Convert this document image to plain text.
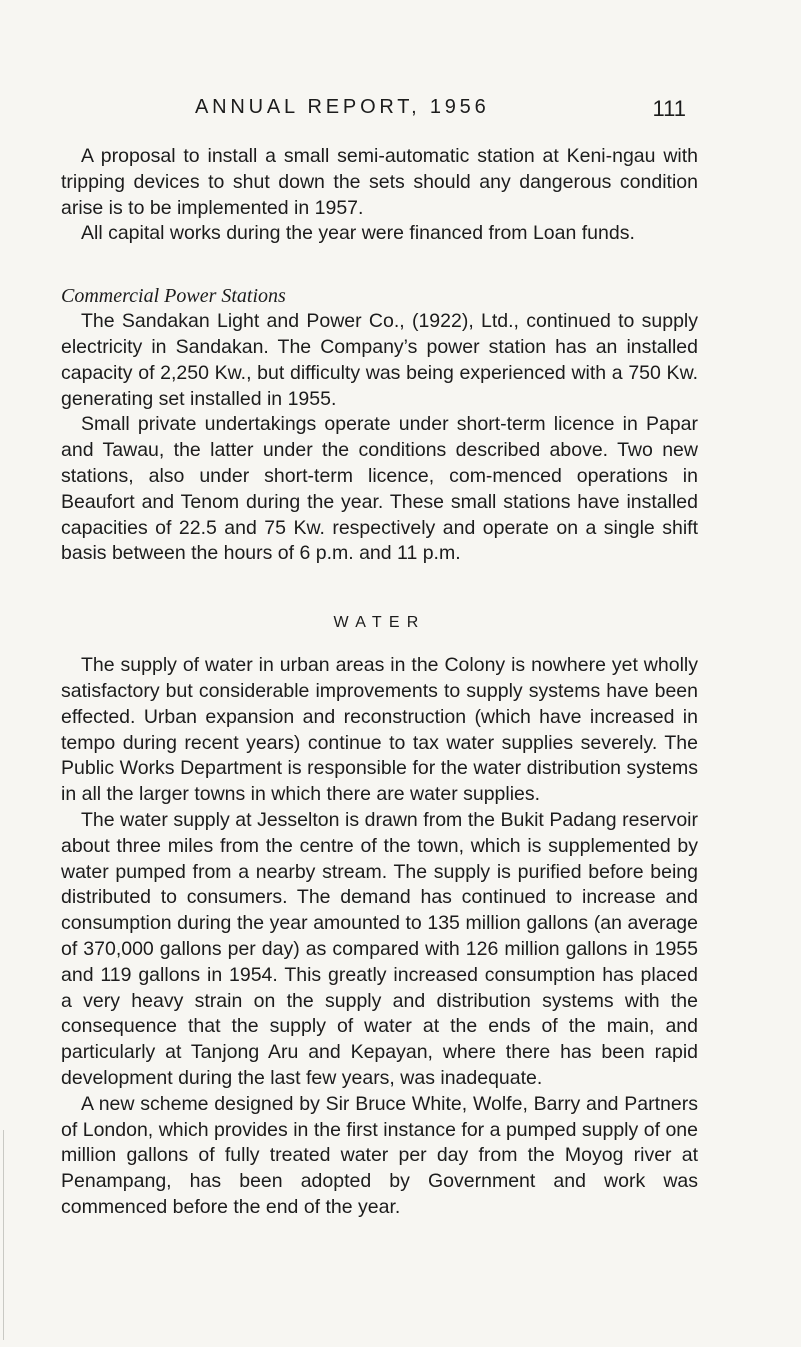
ANNUAL REPORT, 1956	111

A proposal to install a small semi-automatic station at Keni-ngau with tripping devices to shut down the sets should any dangerous condition arise is to be implemented in 1957.

All capital works during the year were financed from Loan funds.

Commercial Power Stations

The Sandakan Light and Power Co., (1922), Ltd., continued to supply electricity in Sandakan. The Company’s power station has an installed capacity of 2,250 Kw., but difficulty was being experienced with a 750 Kw. generating set installed in 1955.

Small private undertakings operate under short-term licence in Papar and Tawau, the latter under the conditions described above. Two new stations, also under short-term licence, com-menced operations in Beaufort and Tenom during the year. These small stations have installed capacities of 22.5 and 75 Kw. respectively and operate on a single shift basis between the hours of 6 p.m. and 11 p.m.

WATER

The supply of water in urban areas in the Colony is nowhere yet wholly satisfactory but considerable improvements to supply systems have been effected. Urban expansion and reconstruction (which have increased in tempo during recent years) continue to tax water supplies severely. The Public Works Department is responsible for the water distribution systems in all the larger towns in which there are water supplies.

The water supply at Jesselton is drawn from the Bukit Padang reservoir about three miles from the centre of the town, which is supplemented by water pumped from a nearby stream. The supply is purified before being distributed to consumers. The demand has continued to increase and consumption during the year amounted to 135 million gallons (an average of 370,000 gallons per day) as compared with 126 million gallons in 1955 and 119 gallons in 1954. This greatly increased consumption has placed a very heavy strain on the supply and distribution systems with the consequence that the supply of water at the ends of the main, and particularly at Tanjong Aru and Kepayan, where there has been rapid development during the last few years, was inadequate.

A new scheme designed by Sir Bruce White, Wolfe, Barry and Partners of London, which provides in the first instance for a pumped supply of one million gallons of fully treated water per day from the Moyog river at Penampang, has been adopted by Government and work was commenced before the end of the year.
